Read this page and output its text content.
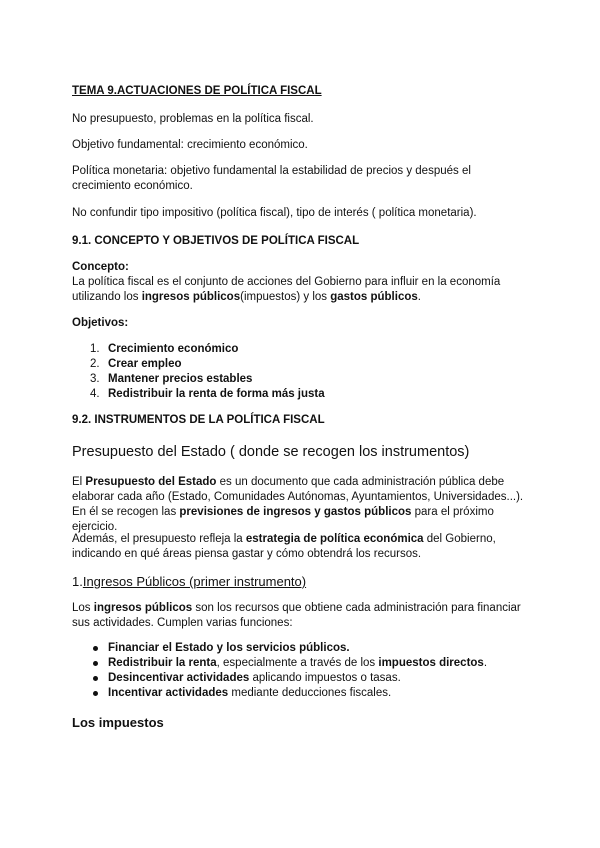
TEMA 9.ACTUACIONES DE POLÍTICA FISCAL

No presupuesto, problemas en la política fiscal.

Objetivo fundamental: crecimiento económico.

Política monetaria: objetivo fundamental la estabilidad de precios y después el crecimiento económico.

No confundir tipo impositivo (política fiscal), tipo de interés ( política monetaria).

9.1. CONCEPTO Y OBJETIVOS DE POLÍTICA FISCAL

Concepto:
La política fiscal es el conjunto de acciones del Gobierno para influir en la economía utilizando los ingresos públicos(impuestos) y los gastos públicos.

Objetivos:

1. Crecimiento económico
2. Crear empleo
3. Mantener precios estables
4. Redistribuir la renta de forma más justa

9.2. INSTRUMENTOS DE LA POLÍTICA FISCAL

Presupuesto del Estado ( donde se recogen los instrumentos)

El Presupuesto del Estado es un documento que cada administración pública debe elaborar cada año (Estado, Comunidades Autónomas, Ayuntamientos, Universidades...). En él se recogen las previsiones de ingresos y gastos públicos para el próximo ejercicio.

Además, el presupuesto refleja la estrategia de política económica del Gobierno, indicando en qué áreas piensa gastar y cómo obtendrá los recursos.

1.Ingresos Públicos (primer instrumento)

Los ingresos públicos son los recursos que obtiene cada administración para financiar sus actividades. Cumplen varias funciones:

Financiar el Estado y los servicios públicos.
Redistribuir la renta, especialmente a través de los impuestos directos.
Desincentivar actividades aplicando impuestos o tasas.
Incentivar actividades mediante deducciones fiscales.

Los impuestos
